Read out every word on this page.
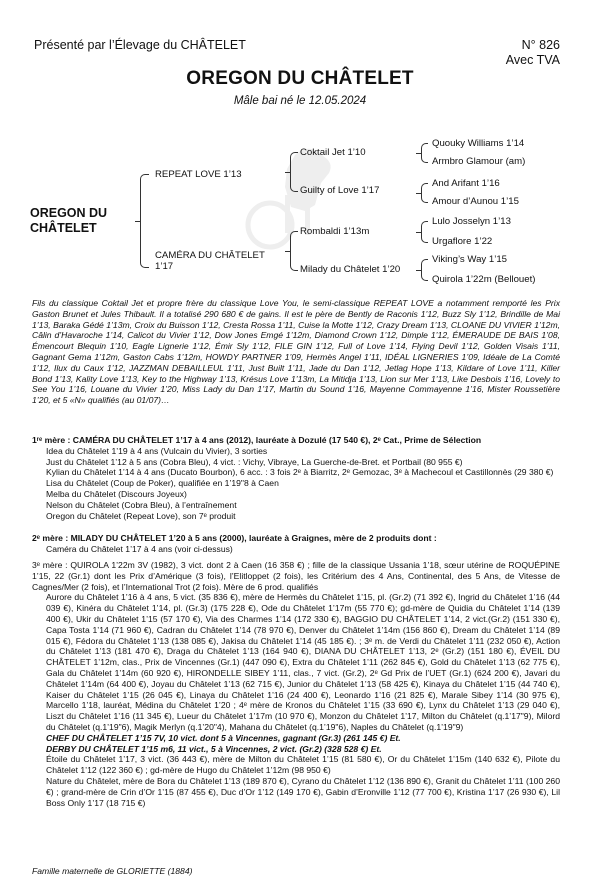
Présenté par l’Élevage du CHÂTELET	N° 826
Avec TVA
OREGON DU CHÂTELET
Mâle bai né le 12.05.2024
OREGON DU CHÂTELET
REPEAT LOVE 1’13
CAMÉRA DU CHÂTELET 1’17
Coktail Jet 1’10
Guilty of Love 1’17
Rombaldi 1’13m
Milady du Châtelet 1’20
Quouky Williams 1’14
Armbro Glamour (am)
And Arifant 1’16
Amour d’Aunou 1’15
Lulo Josselyn 1’13
Urgaflore 1’22
Viking’s Way 1’15
Quirola 1’22m (Bellouet)

Fils du classique Coktail Jet et propre frère du classique Love You, le semi-classique REPEAT LOVE a notamment remporté les Prix Gaston Brunet et Jules Thibault. Il a totalisé 290 680 € de gains. Il est le père de Bently de Raconis 1’12, Buzz Sly 1’12, Brindille de Mai 1’13, Baraka Gédé 1’13m, Croix du Buisson 1’12, Cresta Rossa 1’11, Cuise la Motte 1’12, Crazy Dream 1’13, CLOANE DU VIVIER 1’12m, Câlin d’Havaroche 1’14, Calicot du Vivier 1’12, Dow Jones Emgé 1’12m, Diamond Crown 1’12, Dimple 1’12, ÉMERAUDE DE BAIS 1’08, Émencourt Blequin 1’10, Eagle Lignerie 1’12, Émir Sly 1’12, FILE GIN 1’12, Full of Love 1’14, Flying Devil 1’12, Golden Visais 1’11, Gagnant Gema 1’12m, Gaston Cabs 1’12m, HOWDY PARTNER 1’09, Hermès Angel 1’11, IDÉAL LIGNERIES 1’09, Idéale de La Comté 1’12, Ilux du Caux 1’12, JAZZMAN DEBAILLEUL 1’11, Just Built 1’11, Jade du Dan 1’12, Jetlag Hope 1’13, Kildare of Love 1’11, Killer Bond 1’13, Kality Love 1’13, Key to the Highway 1’13, Krésus Love 1’13m, La Mitidja 1’13, Lion sur Mer 1’13, Like Desbois 1’16, Lovely to See You 1’16, Louane du Vivier 1’20, Miss Lady du Dan 1’17, Martin du Sound 1’16, Mayenne Commayenne 1’16, Mister Roussetière 1’20, et 5 «N» qualifiés (au 01/07)…

1ʳᵉ mère : CAMÉRA DU CHÂTELET 1’17 à 4 ans (2012), lauréate à Dozulé (17 540 €), 2ᵉ Cat., Prime de Sélection

Idea du Châtelet 1’19 à 4 ans (Vulcain du Vivier), 3 sorties

Just du Châtelet 1’12 à 5 ans (Cobra Bleu), 4 vict. : Vichy, Vibraye, La Guerche-de-Bret. et Portbail (80 955 €)

Kylian du Châtelet 1’14 à 4 ans (Ducato Bourbon), 6 acc. : 3 fois 2ᵉ à Biarritz, 2ᵉ Gemozac, 3ᵉ à Machecoul et Castillonnès (29 380 €)

Lisa du Châtelet (Coup de Poker), qualifiée en 1’19"8 à Caen

Melba du Châtelet (Discours Joyeux)

Nelson du Châtelet (Cobra Bleu), à l’entraînement

Oregon du Châtelet (Repeat Love), son 7ᵉ produit

2ᵉ mère : MILADY DU CHÂTELET 1’20 à 5 ans (2000), lauréate à Graignes, mère de 2 produits dont :

Caméra du Châtelet 1’17 à 4 ans (voir ci-dessus)

3ᵉ mère : QUIROLA 1’22m 3V (1982), 3 vict. dont 2 à Caen (16 358 €) ; fille de la classique Ussania 1’18, sœur utérine de ROQUÉPINE 1’15, 22 (Gr.1) dont les Prix d’Amérique (3 fois), l’Elitloppet (2 fois), les Critérium des 4 Ans, Continental, des 5 Ans, de Vitesse de Cagnes/Mer (2 fois), et l’International Trot (2 fois). Mère de 6 prod. qualifiés

Aurore du Châtelet 1’16 à 4 ans, 5 vict. (35 836 €), mère de Hermès du Châtelet 1’15, pl. (Gr.2) (71 392 €), Ingrid du Châtelet 1’16 (44 039 €), Kinéra du Châtelet 1’14, pl. (Gr.3) (175 228 €), Ode du Châtelet 1’17m (55 770 €); gd-mère de Quidia du Châtelet 1’14 (139 400 €), Ukir du Châtelet 1’15 (57 170 €), Via des Charmes 1’14 (172 330 €), BAGGIO DU CHÂTELET 1’14, 2 vict.(Gr.2) (151 330 €), Capa Tosta 1’14 (71 960 €), Cadran du Châtelet 1’14 (78 970 €), Denver du Châtelet 1’14m (156 860 €), Dream du Châtelet 1’14 (89 015 €), Fédora du Châtelet 1’13 (138 085 €), Jakisa du Châtelet 1’14 (45 185 €). ; 3ᵉ m. de Verdi du Châtelet 1’11 (232 050 €), Action du Châtelet 1’13 (181 470 €), Draga du Châtelet 1’13 (164 940 €), DIANA DU CHÂTELET 1’13, 2ᵉ (Gr.2) (151 180 €), ÉVEIL DU CHÂTELET 1’12m, clas., Prix de Vincennes (Gr.1) (447 090 €), Extra du Châtelet 1’11 (262 845 €), Gold du Châtelet 1’13 (62 775 €), Gala du Châtelet 1’14m (60 920 €), HIRONDELLE SIBEY 1’11, clas., 7 vict. (Gr.2), 2ᵉ Gd Prix de l’UET (Gr.1) (624 200 €), Javari du Châtelet 1’14m (64 400 €), Joyau du Châtelet 1’13 (62 715 €), Junior du Châtelet 1’13 (58 425 €), Kinaya du Châtelet 1’15 (44 740 €), Kaiser du Châtelet 1’15 (26 045 €), Linaya du Châtelet 1’16 (24 400 €), Leonardo 1’16 (21 825 €), Marale Sibey 1’14 (30 975 €), Marcello 1’18, lauréat, Médina du Châtelet 1’20 ; 4ᵉ mère de Kronos du Châtelet 1’15 (33 690 €), Lynx du Châtelet 1’13 (29 040 €), Liszt du Châtelet 1’16 (11 345 €), Lueur du Châtelet 1’17m (10 970 €), Monzon du Châtelet 1’17, Milton du Châtelet (q.1’17"9), Milord du Châtelet (q.1’19"6), Magik Merlyn (q.1’20"4), Mahana du Châtelet (q.1’19"6), Naples du Châtelet (q.1’19"9)

CHEF DU CHÂTELET 1’15 7V, 10 vict. dont 5 à Vincennes, gagnant (Gr.3) (261 145 €) Et.

DERBY DU CHÂTELET 1’15 m6, 11 vict., 5 à Vincennes, 2 vict. (Gr.2) (328 528 €) Et.

Étoile du Châtelet 1’17, 3 vict. (36 443 €), mère de Milton du Châtelet 1’15 (81 580 €), Or du Châtelet 1’15m (140 632 €), Pilote du Châtelet 1’12 (122 360 €) ; gd-mère de Hugo du Châtelet 1’12m (98 950 €)

Nature du Châtelet, mère de Bora du Châtelet 1’13 (189 870 €), Cyrano du Châtelet 1’12 (136 890 €), Granit du Châtelet 1’11 (100 260 €) ; grand-mère de Crin d’Or 1’15 (87 455 €), Duc d’Or 1’12 (149 170 €), Gabin d’Eronville 1’12 (77 700 €), Kristina 1’17 (26 930 €), Lil Boss Only 1’17 (18 715 €)

Famille maternelle de GLORIETTE (1884)
